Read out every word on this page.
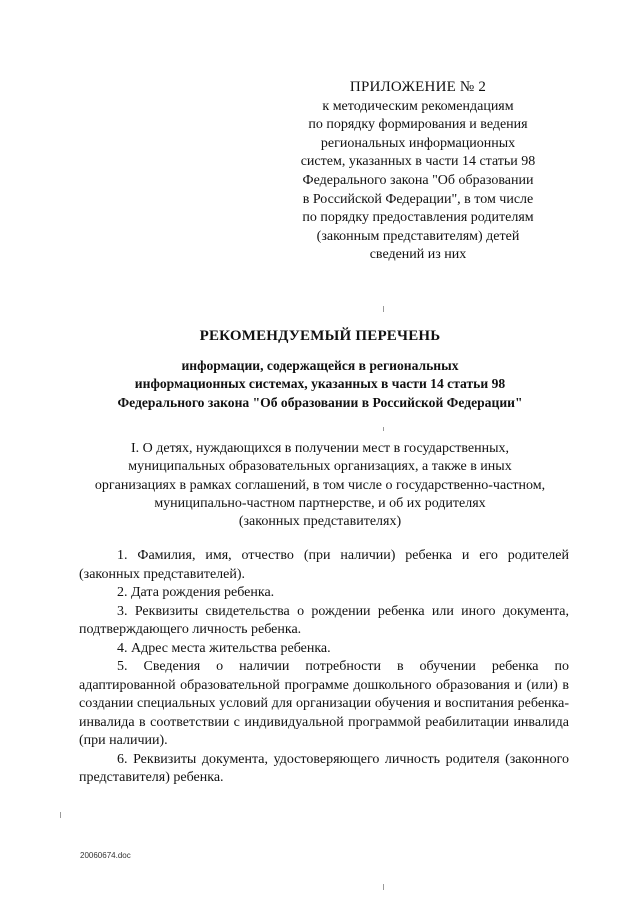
ПРИЛОЖЕНИЕ № 2
к методическим рекомендациям
по порядку формирования и ведения
региональных информационных
систем, указанных в части 14 статьи 98
Федерального закона "Об образовании
в Российской Федерации", в том числе
по порядку предоставления родителям
(законным представителям) детей
сведений из них
РЕКОМЕНДУЕМЫЙ ПЕРЕЧЕНЬ
информации, содержащейся в региональных
информационных системах, указанных в части 14 статьи 98
Федерального закона "Об образовании в Российской Федерации"
I. О детях, нуждающихся в получении мест в государственных,
муниципальных образовательных организациях, а также в иных
организациях в рамках соглашений, в том числе о государственно-частном,
муниципально-частном партнерстве, и об их родителях
(законных представителях)

1. Фамилия, имя, отчество (при наличии) ребенка и его родителей (законных представителей).

2. Дата рождения ребенка.

3. Реквизиты свидетельства о рождении ребенка или иного документа, подтверждающего личность ребенка.

4. Адрес места жительства ребенка.

5. Сведения о наличии потребности в обучении ребенка по адаптированной образовательной программе дошкольного образования и (или) в создании специальных условий для организации обучения и воспитания ребенка-инвалида в соответствии с индивидуальной программой реабилитации инвалида (при наличии).

6. Реквизиты документа, удостоверяющего личность родителя (законного представителя) ребенка.

20060674.doc
